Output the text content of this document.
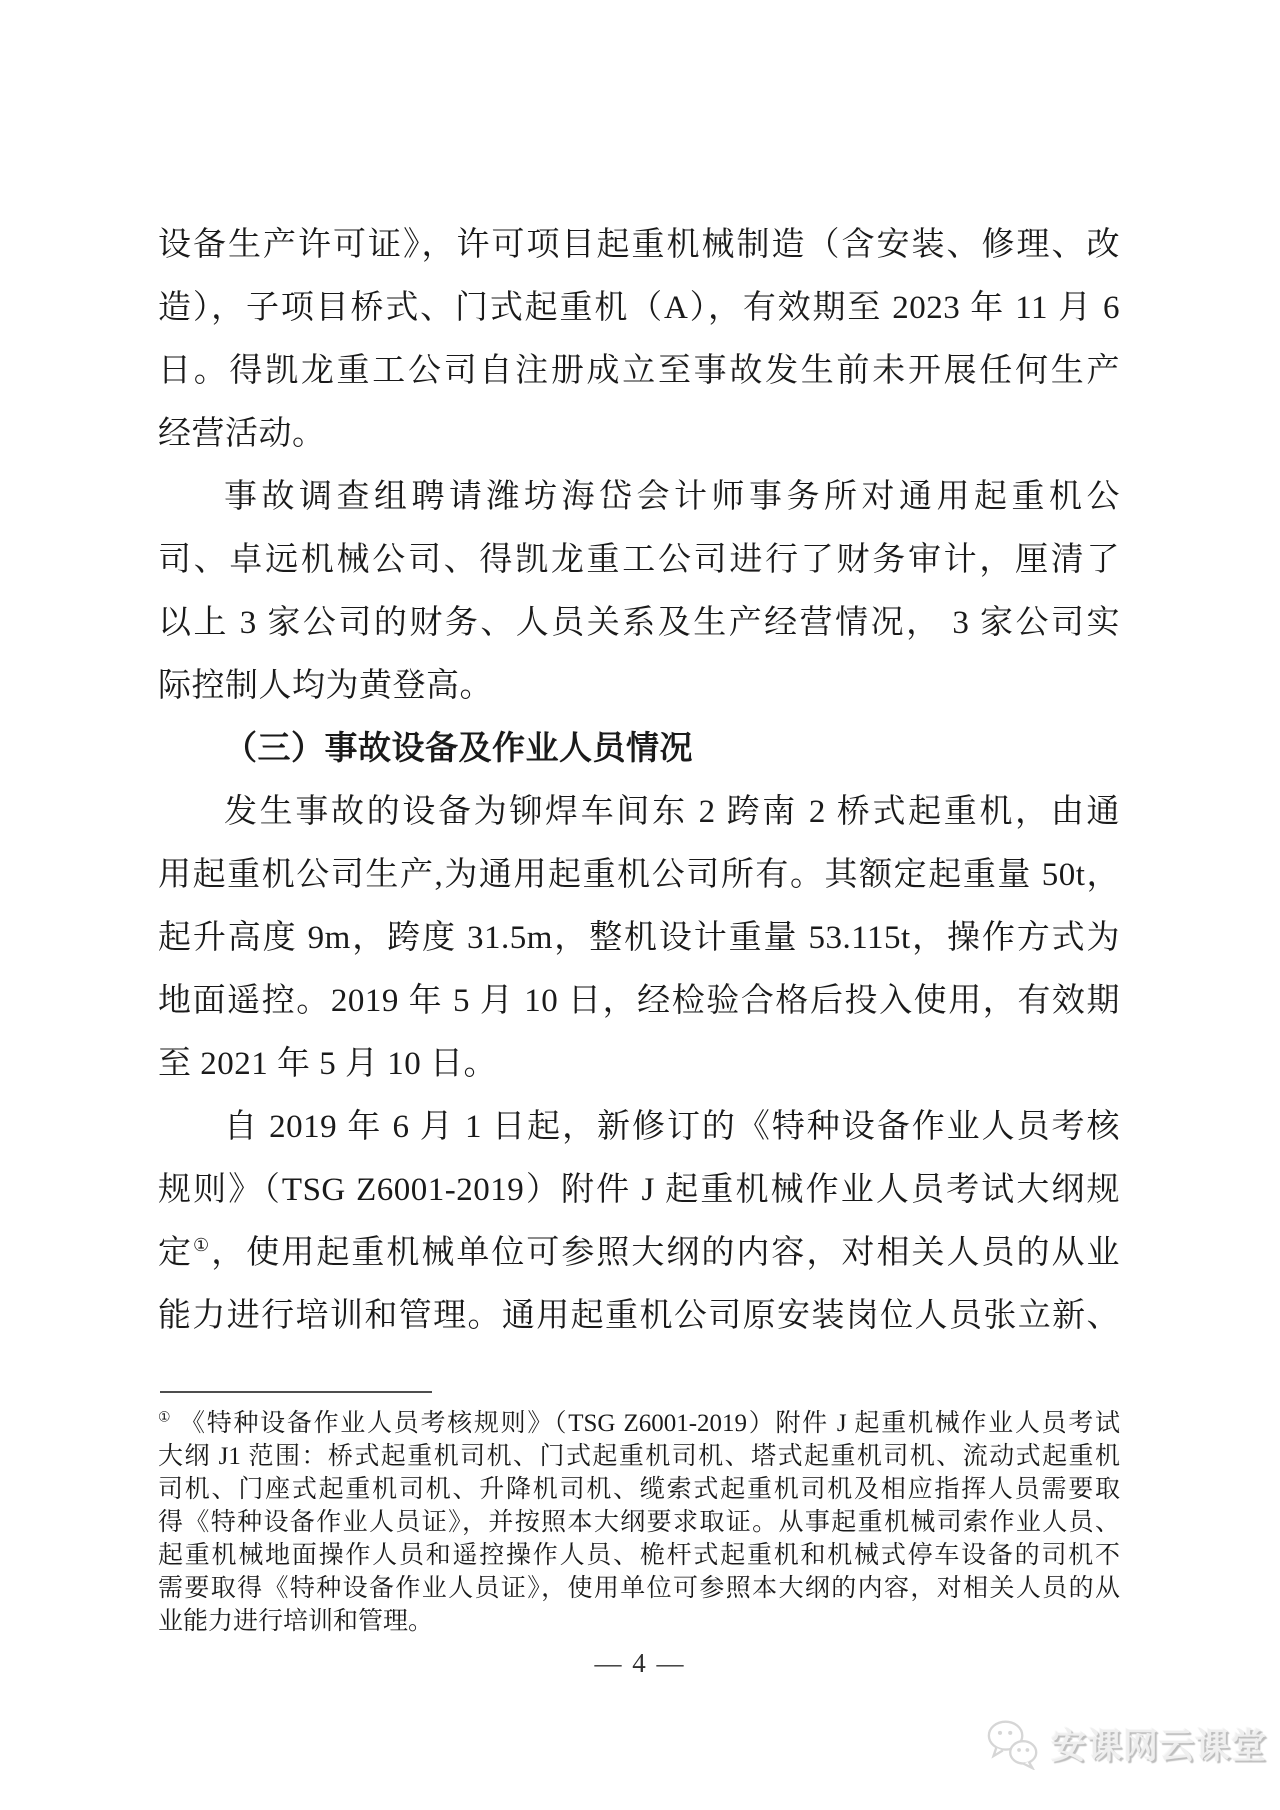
设备生产许可证》，许可项目起重机械制造（含安装、修理、改
造），子项目桥式、门式起重机（A），有效期至 2023 年 11 月 6
日。得凯龙重工公司自注册成立至事故发生前未开展任何生产
经营活动。
事故调查组聘请潍坊海岱会计师事务所对通用起重机公
司、卓远机械公司、得凯龙重工公司进行了财务审计，厘清了
以上 3 家公司的财务、人员关系及生产经营情况， 3 家公司实
际控制人均为黄登高。
（三）事故设备及作业人员情况
发生事故的设备为铆焊车间东 2 跨南 2 桥式起重机，由通
用起重机公司生产,为通用起重机公司所有。其额定起重量 50t，
起升高度 9m，跨度 31.5m，整机设计重量 53.115t，操作方式为
地面遥控。2019 年 5 月 10 日，经检验合格后投入使用，有效期
至 2021 年 5 月 10 日。
自 2019 年 6 月 1 日起，新修订的《特种设备作业人员考核
规则》（TSG Z6001-2019）附件 J 起重机械作业人员考试大纲规
定①，使用起重机械单位可参照大纲的内容，对相关人员的从业
能力进行培训和管理。通用起重机公司原安装岗位人员张立新、
① 《特种设备作业人员考核规则》（TSG Z6001-2019）附件 J 起重机械作业人员考试
大纲 J1 范围：桥式起重机司机、门式起重机司机、塔式起重机司机、流动式起重机
司机、门座式起重机司机、升降机司机、缆索式起重机司机及相应指挥人员需要取
得《特种设备作业人员证》，并按照本大纲要求取证。从事起重机械司索作业人员、
起重机械地面操作人员和遥控操作人员、桅杆式起重机和机械式停车设备的司机不
需要取得《特种设备作业人员证》，使用单位可参照本大纲的内容，对相关人员的从
业能力进行培训和管理。
— 4 —
安课网云课堂
